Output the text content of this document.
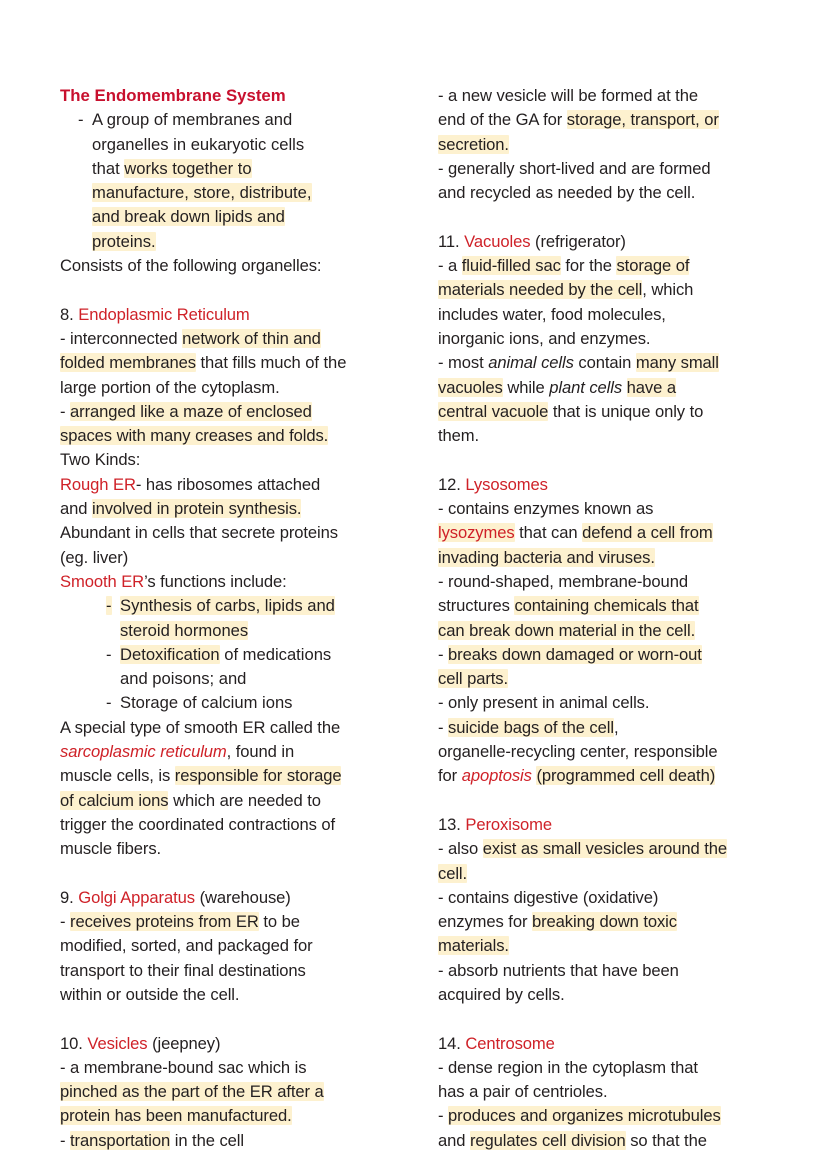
The Endomembrane System
- A group of membranes and
organelles in eukaryotic cells
that works together to
manufacture, store, distribute,
and break down lipids and
proteins.
Consists of the following organelles:
8. Endoplasmic Reticulum
- interconnected network of thin and
folded membranes that fills much of the
large portion of the cytoplasm.
- arranged like a maze of enclosed
spaces with many creases and folds.
Two Kinds:
Rough ER- has ribosomes attached
and involved in protein synthesis.
Abundant in cells that secrete proteins
(eg. liver)
Smooth ER’s functions include:
- Synthesis of carbs, lipids and
steroid hormones
- Detoxification of medications
and poisons; and
- Storage of calcium ions
A special type of smooth ER called the
sarcoplasmic reticulum, found in
muscle cells, is responsible for storage
of calcium ions which are needed to
trigger the coordinated contractions of
muscle fibers.
9. Golgi Apparatus (warehouse)
- receives proteins from ER to be
modified, sorted, and packaged for
transport to their final destinations
within or outside the cell.
10. Vesicles (jeepney)
- a membrane-bound sac which is
pinched as the part of the ER after a
protein has been manufactured.
- transportation in the cell
- a new vesicle will be formed at the
end of the GA for storage, transport, or
secretion.
- generally short-lived and are formed
and recycled as needed by the cell.
11. Vacuoles (refrigerator)
- a fluid-filled sac for the storage of
materials needed by the cell, which
includes water, food molecules,
inorganic ions, and enzymes.
- most animal cells contain many small
vacuoles while plant cells have a
central vacuole that is unique only to
them.
12. Lysosomes
- contains enzymes known as
lysozymes that can defend a cell from
invading bacteria and viruses.
- round-shaped, membrane-bound
structures containing chemicals that
can break down material in the cell.
- breaks down damaged or worn-out
cell parts.
- only present in animal cells.
- suicide bags of the cell,
organelle-recycling center, responsible
for apoptosis (programmed cell death)
13. Peroxisome
- also exist as small vesicles around the
cell.
- contains digestive (oxidative)
enzymes for breaking down toxic
materials.
- absorb nutrients that have been
acquired by cells.
14. Centrosome
- dense region in the cytoplasm that
has a pair of centrioles.
- produces and organizes microtubules
and regulates cell division so that the
